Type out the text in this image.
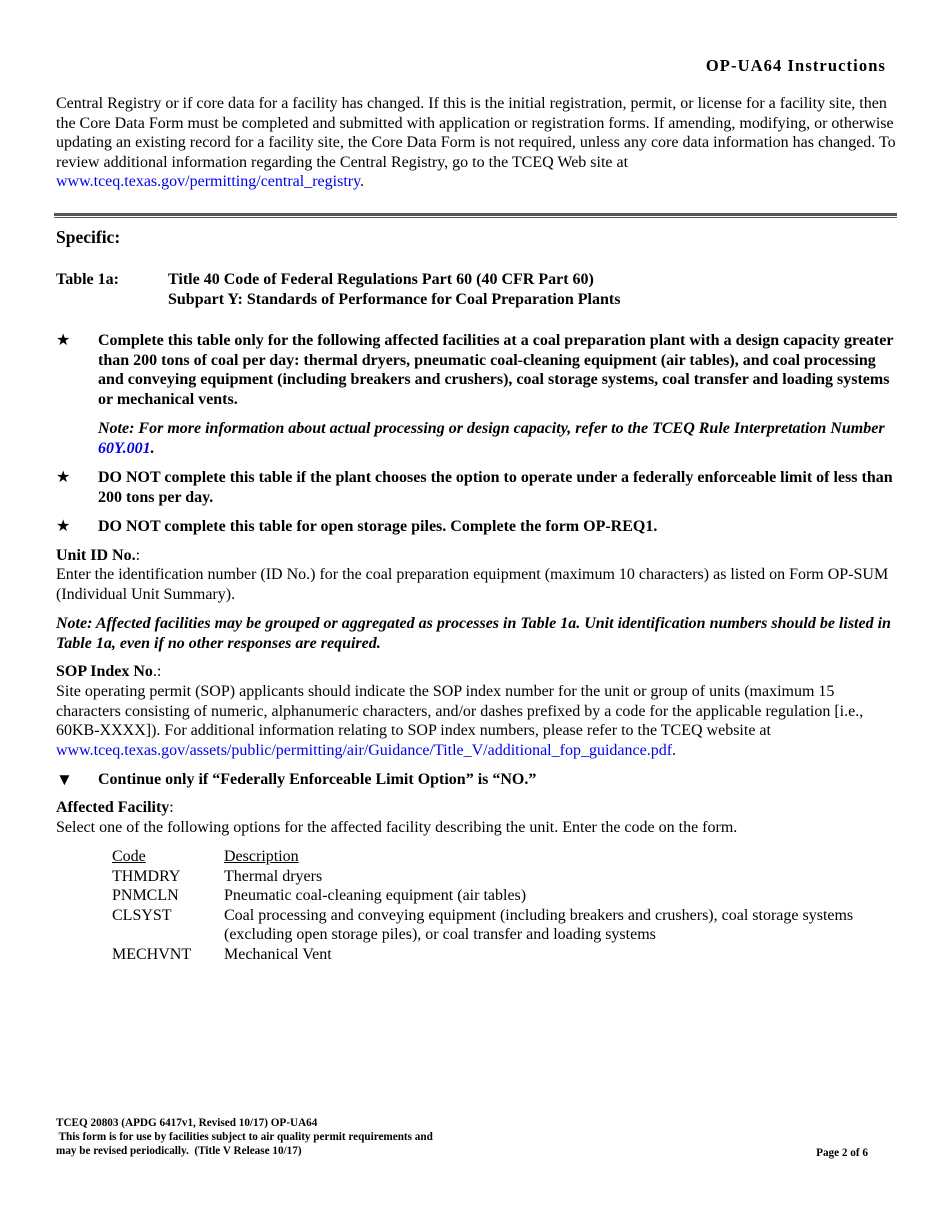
OP-UA64 Instructions
Central Registry or if core data for a facility has changed. If this is the initial registration, permit, or license for a facility site, then the Core Data Form must be completed and submitted with application or registration forms. If amending, modifying, or otherwise updating an existing record for a facility site, the Core Data Form is not required, unless any core data information has changed. To review additional information regarding the Central Registry, go to the TCEQ Web site at www.tceq.texas.gov/permitting/central_registry.
Specific:
Table 1a:	Title 40 Code of Federal Regulations Part 60 (40 CFR Part 60)
Subpart Y: Standards of Performance for Coal Preparation Plants
★	Complete this table only for the following affected facilities at a coal preparation plant with a design capacity greater than 200 tons of coal per day: thermal dryers, pneumatic coal-cleaning equipment (air tables), and coal processing and conveying equipment (including breakers and crushers), coal storage systems, coal transfer and loading systems or mechanical vents.
Note: For more information about actual processing or design capacity, refer to the TCEQ Rule Interpretation Number 60Y.001.
★	DO NOT complete this table if the plant chooses the option to operate under a federally enforceable limit of less than 200 tons per day.
★	DO NOT complete this table for open storage piles. Complete the form OP-REQ1.
Unit ID No.:
Enter the identification number (ID No.) for the coal preparation equipment (maximum 10 characters) as listed on Form OP-SUM (Individual Unit Summary).
Note: Affected facilities may be grouped or aggregated as processes in Table 1a. Unit identification numbers should be listed in Table 1a, even if no other responses are required.
SOP Index No.:
Site operating permit (SOP) applicants should indicate the SOP index number for the unit or group of units (maximum 15 characters consisting of numeric, alphanumeric characters, and/or dashes prefixed by a code for the applicable regulation [i.e., 60KB-XXXX]). For additional information relating to SOP index numbers, please refer to the TCEQ website at www.tceq.texas.gov/assets/public/permitting/air/Guidance/Title_V/additional_fop_guidance.pdf.
▼ Continue only if “Federally Enforceable Limit Option” is “NO.”
Affected Facility:
Select one of the following options for the affected facility describing the unit. Enter the code on the form.
Code	Description
THMDRY	Thermal dryers
PNMCLN	Pneumatic coal-cleaning equipment (air tables)
CLSYST	Coal processing and conveying equipment (including breakers and crushers), coal storage systems (excluding open storage piles), or coal transfer and loading systems
MECHVNT	Mechanical Vent
TCEQ 20803 (APDG 6417v1, Revised 10/17) OP-UA64
This form is for use by facilities subject to air quality permit requirements and
may be revised periodically.  (Title V Release 10/17)	Page 2 of 6
